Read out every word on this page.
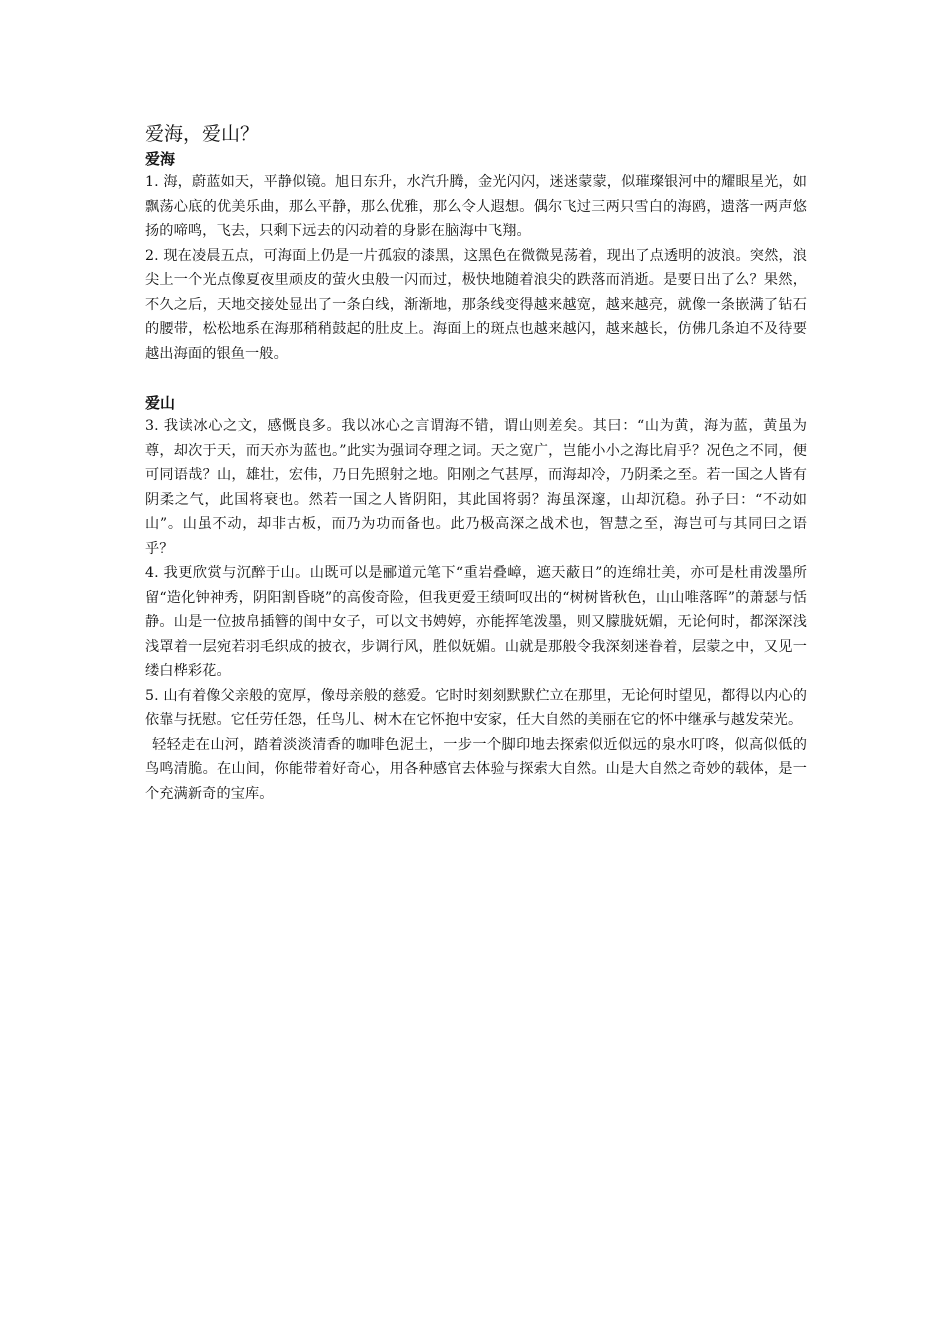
爱海，爱山？
爱海

1. 海，蔚蓝如天，平静似镜。旭日东升，水汽升腾，金光闪闪，迷迷蒙蒙，似璀璨银河中的耀眼星光，如飘荡心底的优美乐曲，那么平静，那么优雅，那么令人遐想。偶尔飞过三两只雪白的海鸥，遗落一两声悠扬的啼鸣，飞去，只剩下远去的闪动着的身影在脑海中飞翔。

2. 现在凌晨五点，可海面上仍是一片孤寂的漆黑，这黑色在微微晃荡着，现出了点透明的波浪。突然，浪尖上一个光点像夏夜里顽皮的萤火虫般一闪而过，极快地随着浪尖的跌落而消逝。是要日出了么？果然，不久之后，天地交接处显出了一条白线，渐渐地，那条线变得越来越宽，越来越亮，就像一条嵌满了钻石的腰带，松松地系在海那稍稍鼓起的肚皮上。海面上的斑点也越来越闪，越来越长，仿佛几条迫不及待要越出海面的银鱼一般。

爱山

3. 我读冰心之文，感慨良多。我以冰心之言谓海不错，谓山则差矣。其曰：“山为黄，海为蓝，黄虽为尊，却次于天，而天亦为蓝也。”此实为强词夺理之词。天之宽广，岂能小小之海比肩乎？况色之不同，便可同语哉？山，雄壮，宏伟，乃日先照射之地。阳刚之气甚厚，而海却冷，乃阴柔之至。若一国之人皆有阴柔之气，此国将衰也。然若一国之人皆阴阳，其此国将弱？海虽深邃，山却沉稳。孙子曰：“不动如山”。山虽不动，却非古板，而乃为功而备也。此乃极高深之战术也，智慧之至，海岂可与其同曰之语乎？

4. 我更欣赏与沉醉于山。山既可以是郦道元笔下“重岩叠嶂，遮天蔽日”的连绵壮美，亦可是杜甫泼墨所留“造化钟神秀，阴阳割昏晓”的高俊奇险，但我更爱王绩呵叹出的“树树皆秋色，山山唯落晖”的萧瑟与恬静。山是一位披帛插簪的闺中女子，可以文书娉婷，亦能挥笔泼墨，则又朦胧妩媚，无论何时，都深深浅浅罩着一层宛若羽毛织成的披衣，步调行风，胜似妩媚。山就是那般令我深刻迷眷着，层蒙之中，又见一缕白桦彩花。

5. 山有着像父亲般的宽厚，像母亲般的慈爱。它时时刻刻默默伫立在那里，无论何时望见，都得以内心的依靠与抚慰。它任劳任怨，任鸟儿、树木在它怀抱中安家，任大自然的美丽在它的怀中继承与越发荣光。

轻轻走在山河，踏着淡淡清香的咖啡色泥土，一步一个脚印地去探索似近似远的泉水叮咚，似高似低的鸟鸣清脆。在山间，你能带着好奇心，用各种感官去体验与探索大自然。山是大自然之奇妙的载体，是一个充满新奇的宝库。
